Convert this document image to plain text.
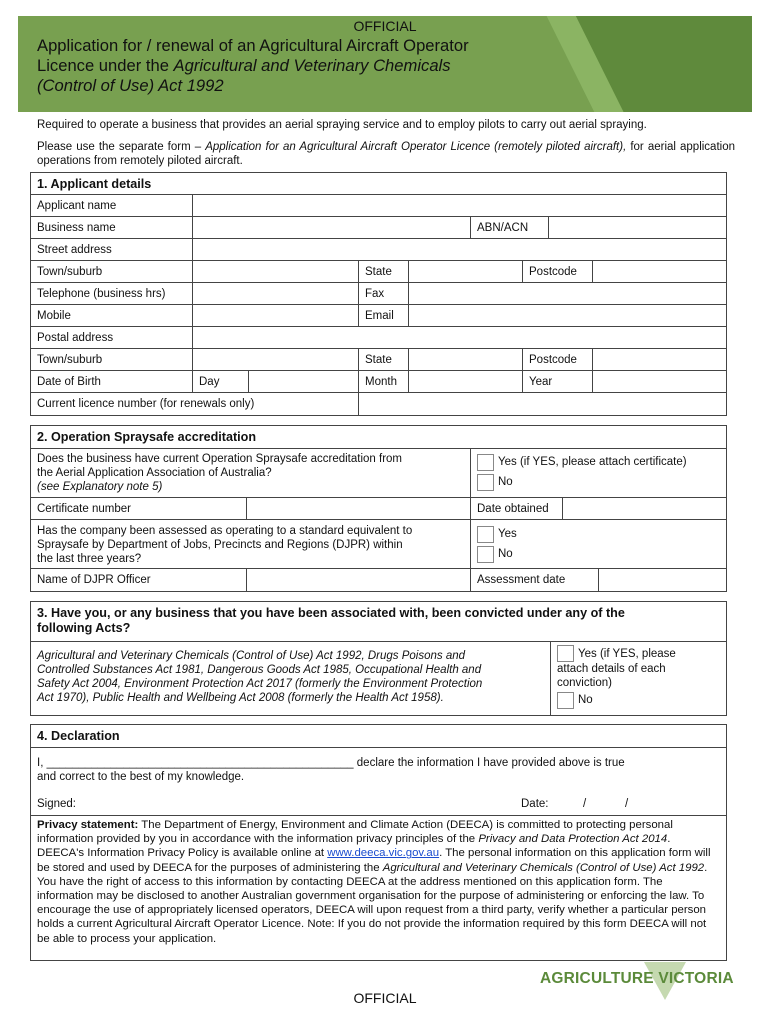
OFFICIAL
Application for / renewal of an Agricultural Aircraft Operator
Licence under the Agricultural and Veterinary Chemicals
(Control of Use) Act 1992
Required to operate a business that provides an aerial spraying service and to employ pilots to carry out aerial spraying.
Please use the separate form – Application for an Agricultural Aircraft Operator Licence (remotely piloted aircraft), for aerial application operations from remotely piloted aircraft.
1. Applicant details
Applicant name
Business name	ABN/ACN
Street address
Town/suburb	State	Postcode
Telephone (business hrs)	Fax
Mobile	Email
Postal address
Town/suburb	State	Postcode
Date of Birth	Day	Month	Year
Current licence number (for renewals only)
2. Operation Spraysafe accreditation
Does the business have current Operation Spraysafe accreditation from
the Aerial Application Association of Australia?
(see Explanatory note 5)
Yes (if YES, please attach certificate)
No
Certificate number	Date obtained
Has the company been assessed as operating to a standard equivalent to
Spraysafe by Department of Jobs, Precincts and Regions (DJPR) within
the last three years?
Yes
No
Name of DJPR Officer	Assessment date
3. Have you, or any business that you have been associated with, been convicted under any of the
following Acts?
Agricultural and Veterinary Chemicals (Control of Use) Act 1992, Drugs Poisons and
Controlled Substances Act 1981, Dangerous Goods Act 1985, Occupational Health and
Safety Act 2004, Environment Protection Act 2017 (formerly the Environment Protection
Act 1970), Public Health and Wellbeing Act 2008 (formerly the Health Act 1958).
Yes (if YES, please
attach details of each
conviction)
No
4. Declaration
I, ________________________________________________ declare the information I have provided above is true
and correct to the best of my knowledge.
Signed:	Date:	/	/
Privacy statement: The Department of Energy, Environment and Climate Action (DEECA) is committed to protecting personal information provided by you in accordance with the information privacy principles of the Privacy and Data Protection Act 2014. DEECA's Information Privacy Policy is available online at www.deeca.vic.gov.au. The personal information on this application form will be stored and used by DEECA for the purposes of administering the Agricultural and Veterinary Chemicals (Control of Use) Act 1992. You have the right of access to this information by contacting DEECA at the address mentioned on this application form. The information may be disclosed to another Australian government organisation for the purpose of administering or enforcing the law. To encourage the use of appropriately licensed operators, DEECA will upon request from a third party, verify whether a particular person holds a current Agricultural Aircraft Operator Licence. Note: If you do not provide the information required by this form DEECA will not be able to process your application.
AGRICULTURE VICTORIA
OFFICIAL
